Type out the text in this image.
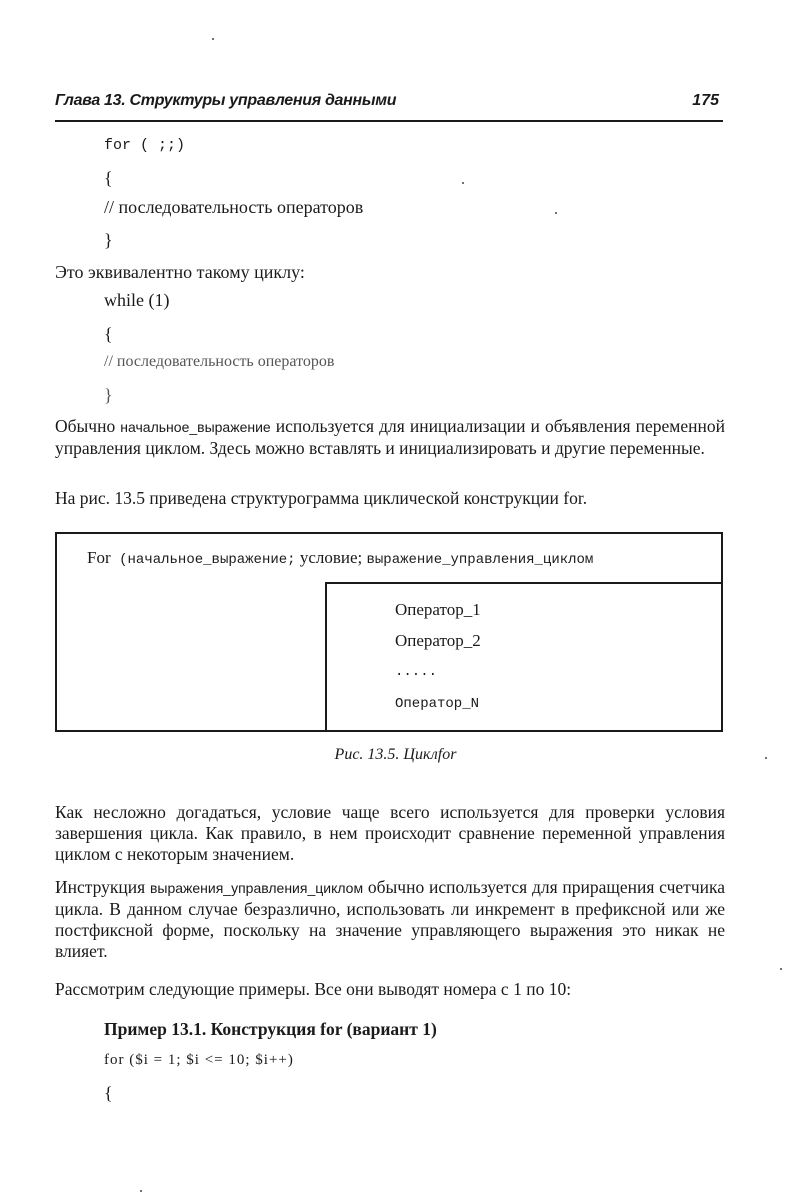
Глава 13. Структуры управления данными	175
for ( ;;)
{
// последовательность операторов
}
Это эквивалентно такому циклу:
while (1)
{
// последовательность операторов
}
Обычно начальное_выражение используется для инициализации и объявления переменной управления циклом. Здесь можно вставлять и инициализировать и другие переменные.
На рис. 13.5 приведена структурограмма циклической конструкции for.
For (начальное_выражение; условие; выражение_управления_циклом
Оператор_1
Оператор_2
.....
Оператор_N
Рис. 13.5. Циклfor
Как несложно догадаться, условие чаще всего используется для проверки условия завершения цикла. Как правило, в нем происходит сравнение переменной управления циклом с некоторым значением.
Инструкция выражения_управления_циклом обычно используется для приращения счетчика цикла. В данном случае безразлично, использовать ли инкремент в префиксной или же постфиксной форме, поскольку на значение управляющего выражения это никак не влияет.
Рассмотрим следующие примеры. Все они выводят номера с 1 по 10:
Пример 13.1. Конструкция for (вариант 1)
for ($i = 1; $i <= 10; $i++)
{
